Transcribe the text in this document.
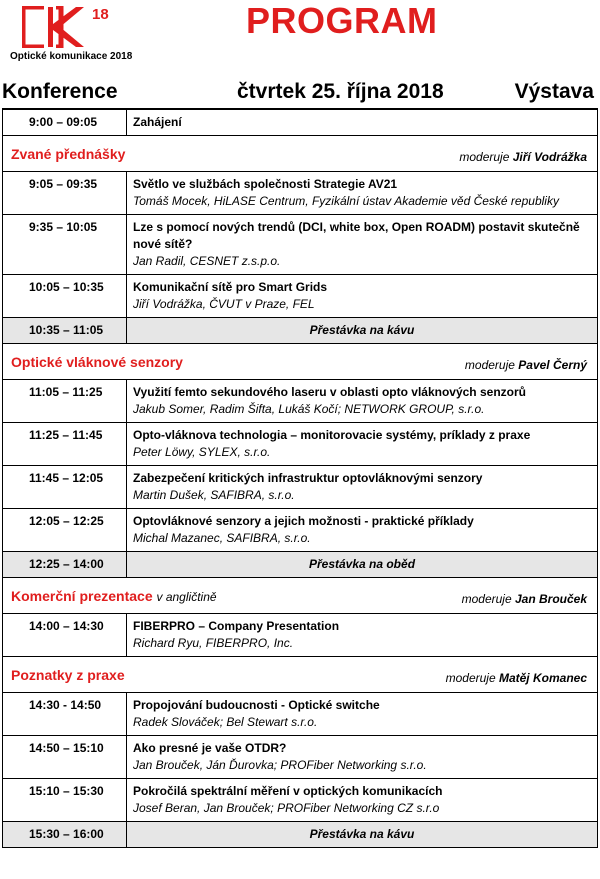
18
Optické komunikace 2018
PROGRAM
Konference	čtvrtek 25. října 2018	Výstava
9:00 – 09:05	Zahájení
Zvané přednášky	moderuje Jiří Vodrážka
9:05 – 09:35	Světlo ve službách společnosti Strategie AV21
Tomáš Mocek, HiLASE Centrum, Fyzikální ústav Akademie věd České republiky
9:35 – 10:05	Lze s pomocí nových trendů (DCI, white box, Open ROADM) postavit skutečně nové sítě?
Jan Radil, CESNET z.s.p.o.
10:05 – 10:35	Komunikační sítě pro Smart Grids
Jiří Vodrážka, ČVUT v Praze, FEL
10:35 – 11:05	Přestávka na kávu
Optické vláknové senzory	moderuje Pavel Černý
11:05 – 11:25	Využití femto sekundového laseru v oblasti opto vláknových senzorů
Jakub Somer, Radim Šifta, Lukáš Kočí; NETWORK GROUP, s.r.o.
11:25 – 11:45	Opto-vláknova technologia – monitorovacie systémy, príklady z praxe
Peter Löwy, SYLEX, s.r.o.
11:45 – 12:05	Zabezpečení kritických infrastruktur optovláknovými senzory
Martin Dušek, SAFIBRA, s.r.o.
12:05 – 12:25	Optovláknové senzory a jejich možnosti - praktické příklady
Michal Mazanec, SAFIBRA, s.r.o.
12:25 – 14:00	Přestávka na oběd
Komerční prezentace v angličtině	moderuje Jan Brouček
14:00 – 14:30	FIBERPRO – Company Presentation
Richard Ryu, FIBERPRO, Inc.
Poznatky z praxe	moderuje Matěj Komanec
14:30 - 14:50	Propojování budoucnosti - Optické switche
Radek Slováček; Bel Stewart s.r.o.
14:50 – 15:10	Ako presné je vaše OTDR?
Jan Brouček, Ján Ďurovka; PROFiber Networking s.r.o.
15:10 – 15:30	Pokročilá spektrální měření v optických komunikacích
Josef Beran, Jan Brouček; PROFiber Networking CZ s.r.o
15:30 – 16:00	Přestávka na kávu
